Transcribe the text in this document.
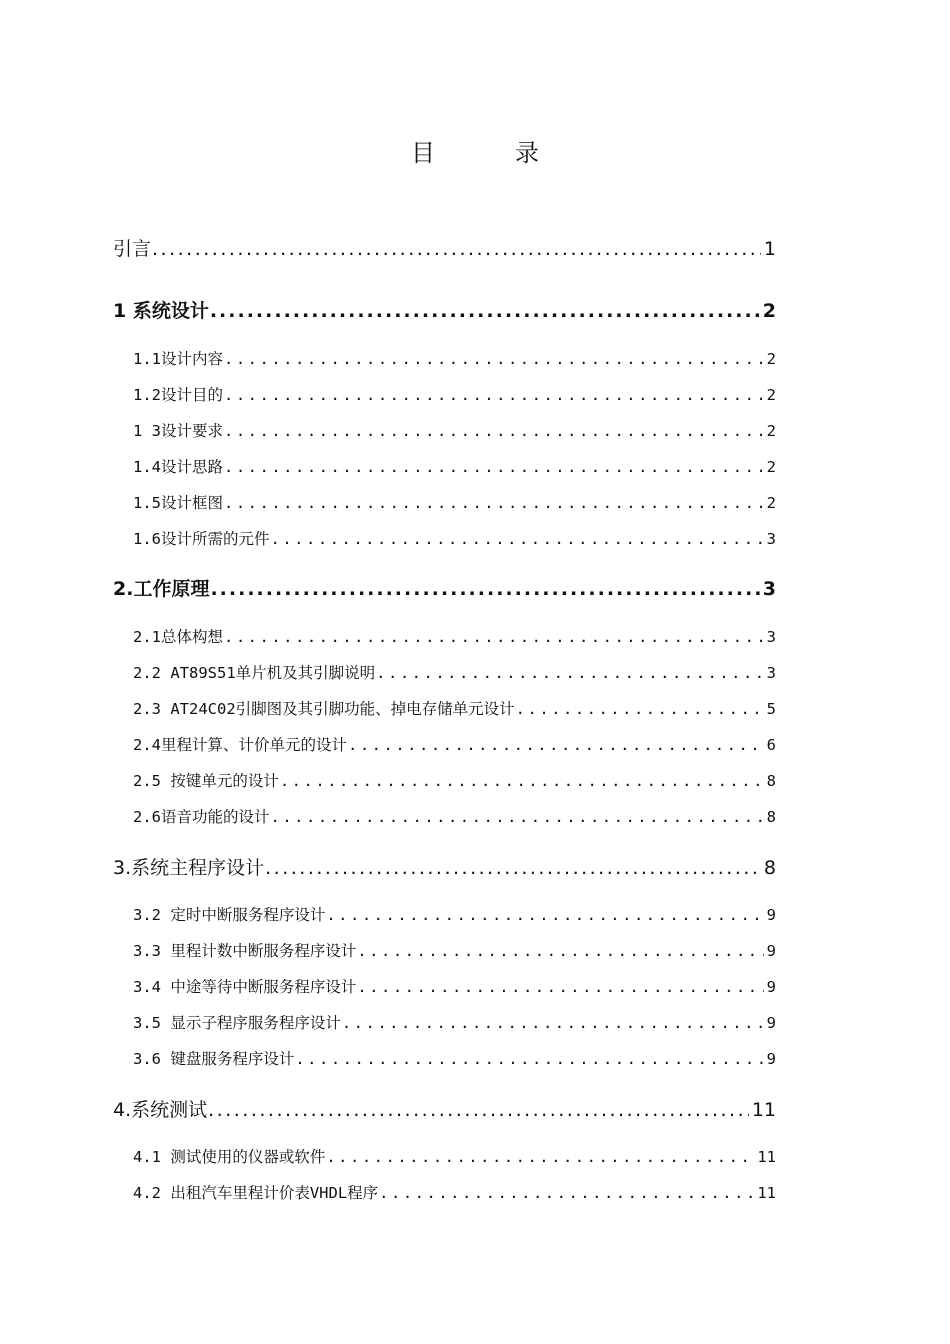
目　录
引言 .....	1
1 系统设计 .....	2
1.1设计内容 .....	2
1.2设计目的 .....	2
1 3设计要求 .....	2
1.4设计思路 .....	2
1.5设计框图 .....	2
1.6设计所需的元件 .....	3
2.工作原理 .....	3
2.1总体构想 .....	3
2.2 AT89S51单片机及其引脚说明 .....	3
2.3 AT24C02引脚图及其引脚功能、掉电存储单元设计 .....	5
2.4里程计算、计价单元的设计 .....	6
2.5 按键单元的设计 .....	8
2.6语音功能的设计 .....	8
3.系统主程序设计 .....	8
3.2 定时中断服务程序设计 .....	9
3.3 里程计数中断服务程序设计 .....	9
3.4 中途等待中断服务程序设计 .....	9
3.5 显示子程序服务程序设计 .....	9
3.6 键盘服务程序设计 .....	9
4.系统测试 .....	11
4.1 测试使用的仪器或软件 .....	11
4.2 出租汽车里程计价表VHDL程序 .....	11
